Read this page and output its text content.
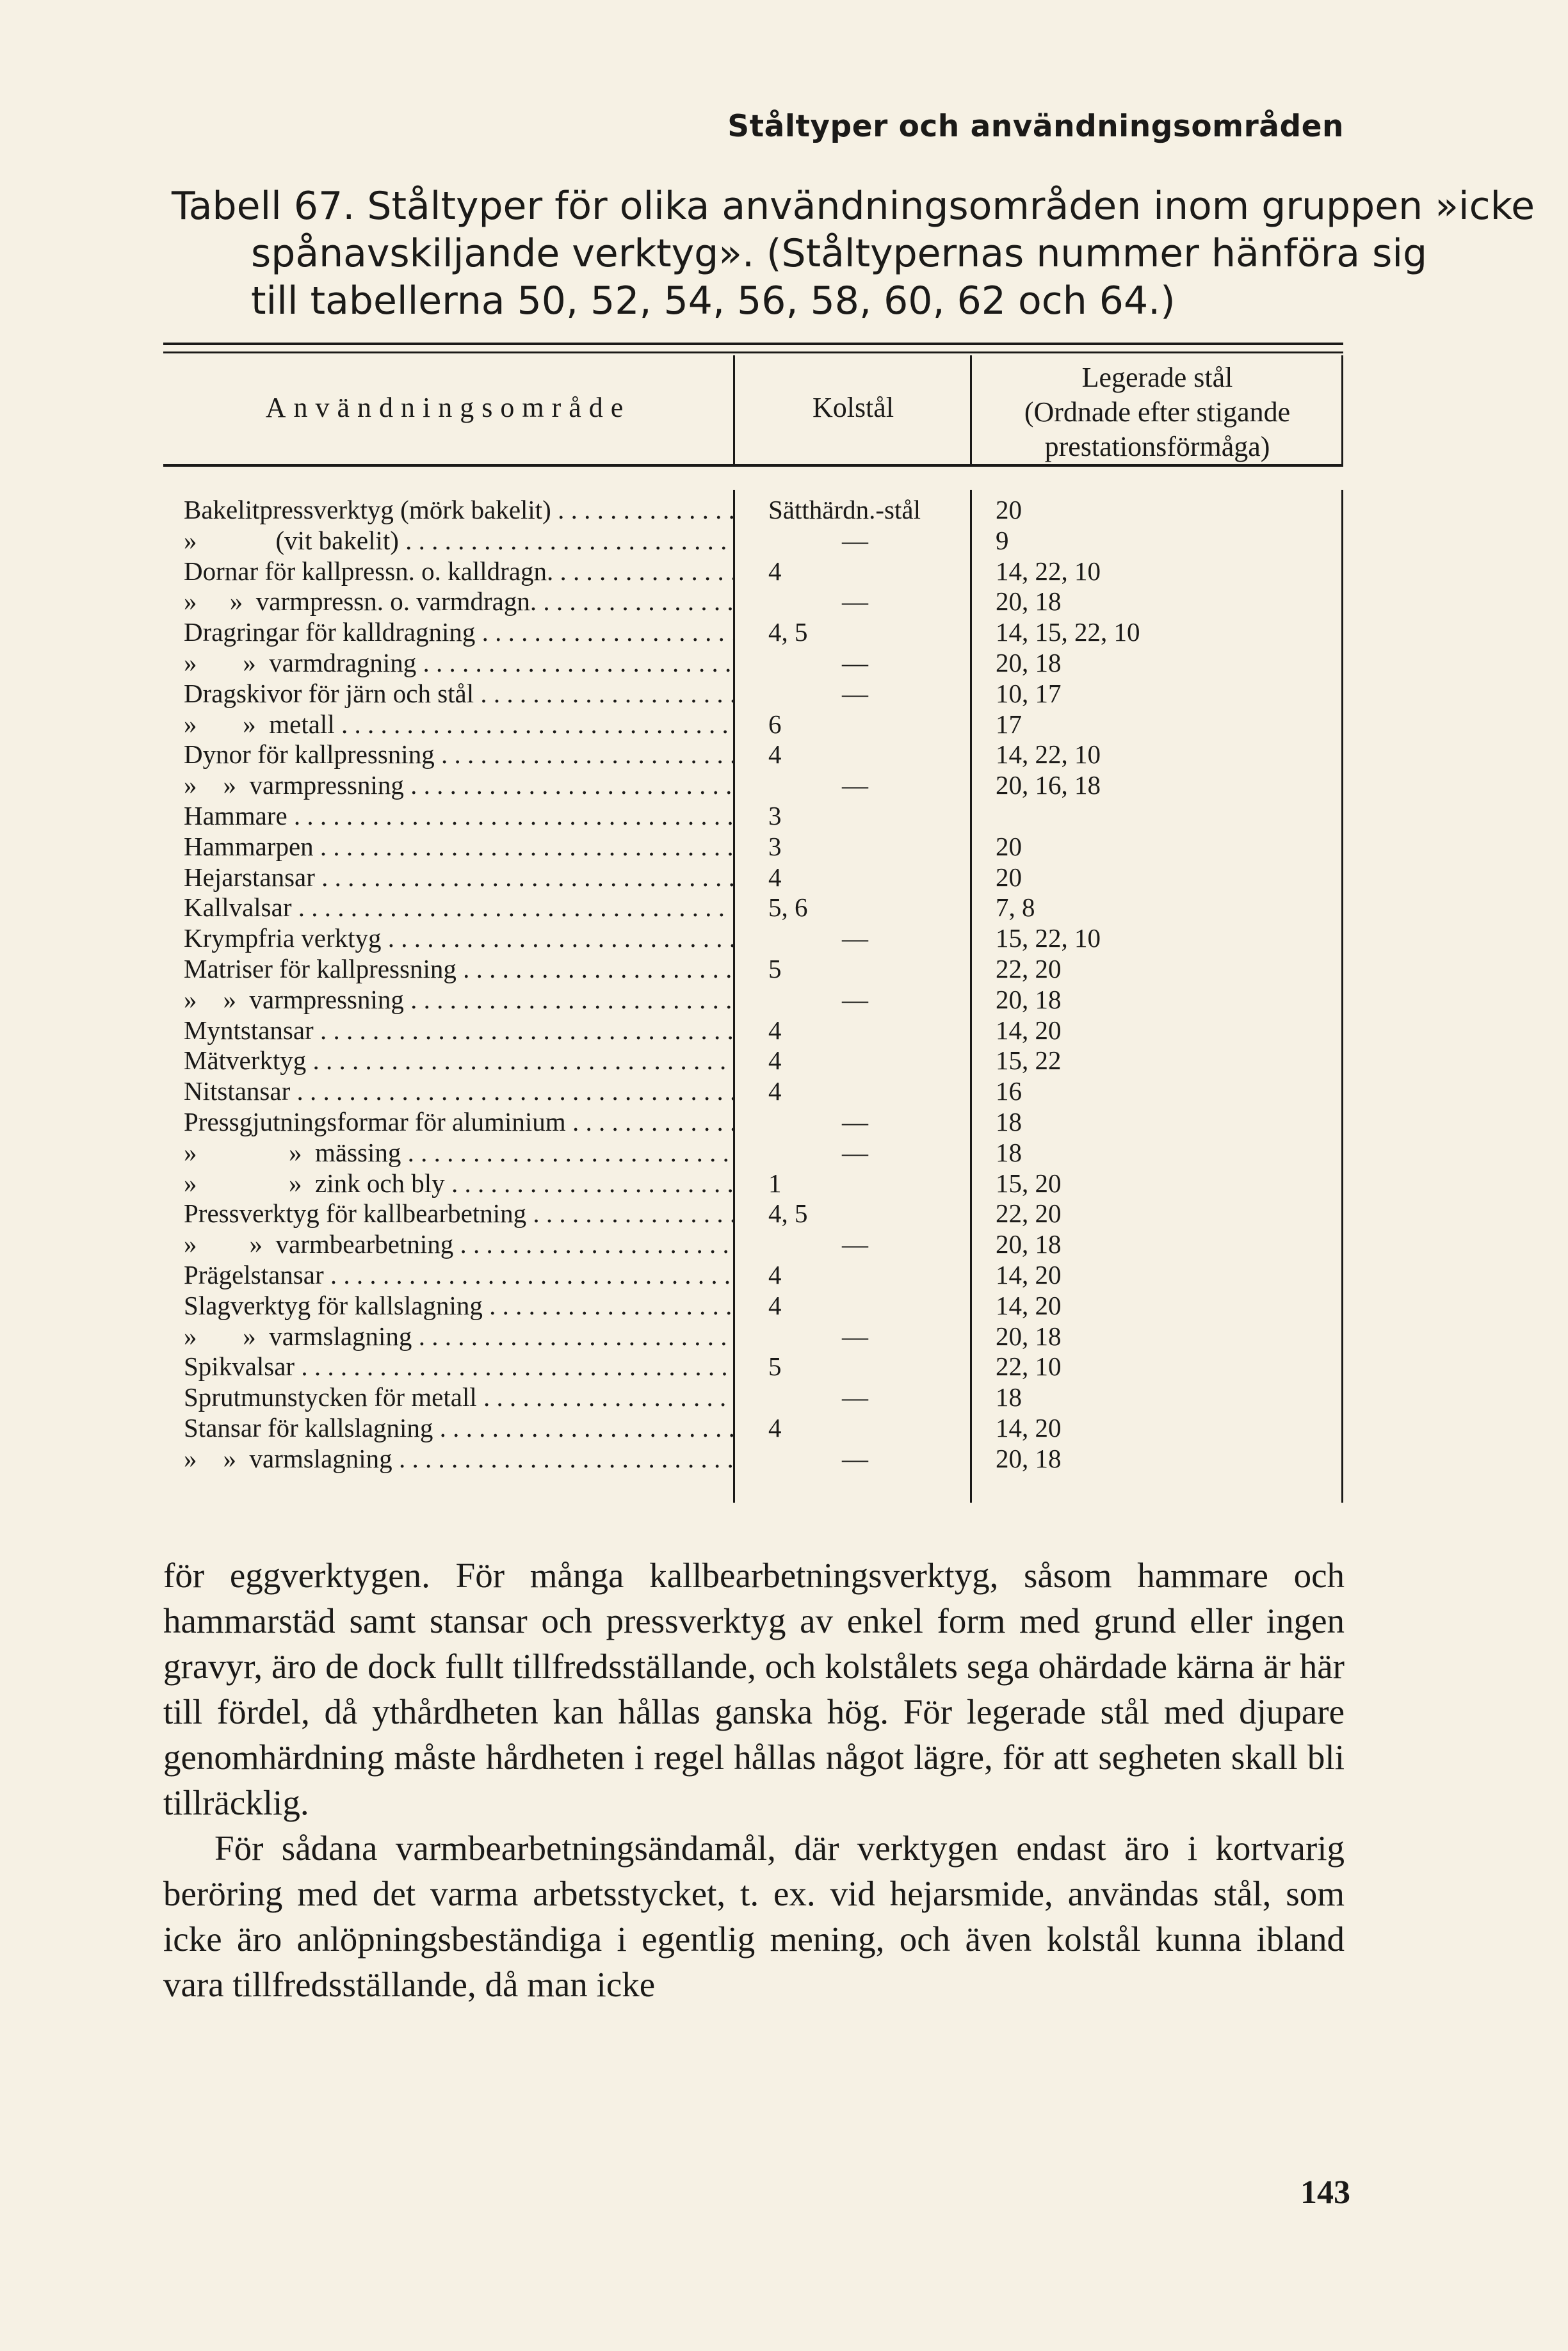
Ståltyper och användningsområden
Tabell 67. Ståltyper för olika användningsområden inom gruppen »icke
spånavskiljande verktyg». (Ståltypernas nummer hänföra sig
till tabellerna 50, 52, 54, 56, 58, 60, 62 och 64.)
Användningsområde	Kolstål
Legerade stål
(Ordnade efter stigande
prestationsförmåga)
Bakelitpressverktyg (mörk bakelit) . . .	Sätthärdn.-stål	20
»            (vit bakelit) . . .	—	9
Dornar för kallpressn. o. kalldragn. . . .	4	14, 22, 10
»     »  varmpressn. o. varmdragn. . . .	—	20, 18
Dragringar för kalldragning . . .	4, 5	14, 15, 22, 10
»       »  varmdragning . . .	—	20, 18
Dragskivor för järn och stål . . .	—	10, 17
»       »  metall . . .	6	17
Dynor för kallpressning . . .	4	14, 22, 10
»    »  varmpressning . . .	—	20, 16, 18
Hammare . . .	3
Hammarpen . . .	3	20
Hejarstansar . . .	4	20
Kallvalsar . . .	5, 6	7, 8
Krympfria verktyg . . .	—	15, 22, 10
Matriser för kallpressning . . .	5	22, 20
»    »  varmpressning . . .	—	20, 18
Myntstansar . . .	4	14, 20
Mätverktyg . . .	4	15, 22
Nitstansar . . .	4	16
Pressgjutningsformar för aluminium . . .	—	18
»              »  mässing . . .	—	18
»              »  zink och bly . . .	1	15, 20
Pressverktyg för kallbearbetning . . .	4, 5	22, 20
»        »  varmbearbetning . . .	—	20, 18
Prägelstansar . . .	4	14, 20
Slagverktyg för kallslagning . . .	4	14, 20
»       »  varmslagning . . .	—	20, 18
Spikvalsar . . .	5	22, 10
Sprutmunstycken för metall . . .	—	18
Stansar för kallslagning . . .	4	14, 20
»    »  varmslagning . . .	—	20, 18

för eggverktygen. För många kallbearbetningsverktyg, såsom hammare och hammarstäd samt stansar och pressverktyg av enkel form med grund eller ingen gravyr, äro de dock fullt tillfredsställande, och kolstålets sega ohärdade kärna är här till fördel, då ythårdheten kan hållas ganska hög. För legerade stål med djupare genomhärdning måste hårdheten i regel hållas något lägre, för att segheten skall bli tillräcklig.

För sådana varmbearbetningsändamål, där verktygen endast äro i kortvarig beröring med det varma arbetsstycket, t. ex. vid hejarsmide, användas stål, som icke äro anlöpningsbeständiga i egentlig mening, och även kolstål kunna ibland vara tillfredsställande, då man icke

143
